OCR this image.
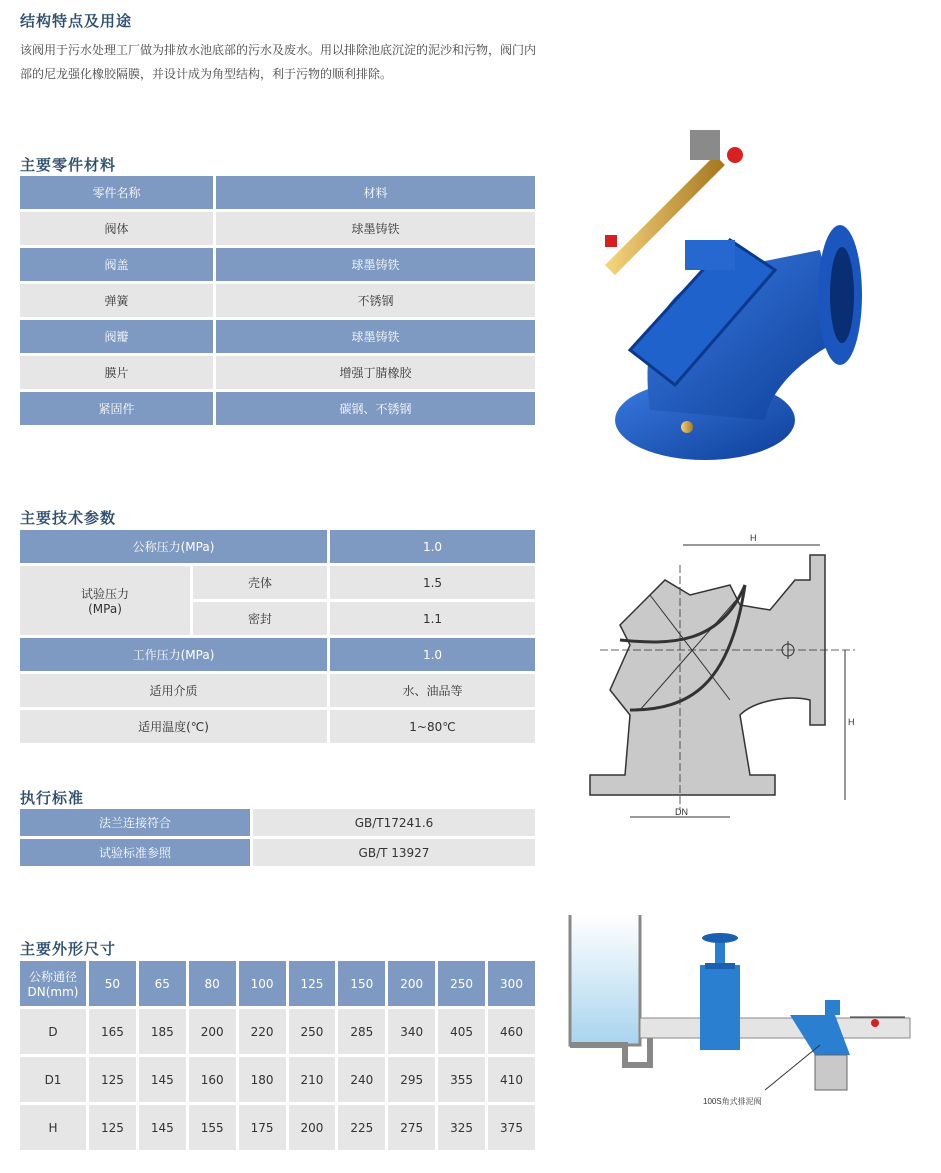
结构特点及用途
该阀用于污水处理工厂做为排放水池底部的污水及废水。用以排除池底沉淀的泥沙和污物，阀门内部的尼龙强化橡胶隔膜，并设计成为角型结构，利于污物的顺利排除。
主要零件材料
零件名称	材料
阀体	球墨铸铁
阀盖	球墨铸铁
弹簧	不锈钢
阀瓣	球墨铸铁
膜片	增强丁腈橡胶
紧固件	碳钢、不锈钢
主要技术参数
公称压力(MPa)		1.0

试验压力
(MPa)	壳体	1.5
	密封	1.1
工作压力(MPa)		1.0
适用介质		水、油品等
适用温度(℃)		1~80℃
H
DN
H
执行标准
法兰连接符合	GB/T17241.6
试验标准参照	GB/T 13927
主要外形尺寸
公称通径
DN(mm)	50	65	80	100	125	150	200	250	300
D	165	185	200	220	250	285	340	405	460
D1	125	145	160	180	210	240	295	355	410
H	125	145	155	175	200	225	275	325	375
100S角式排泥阀
